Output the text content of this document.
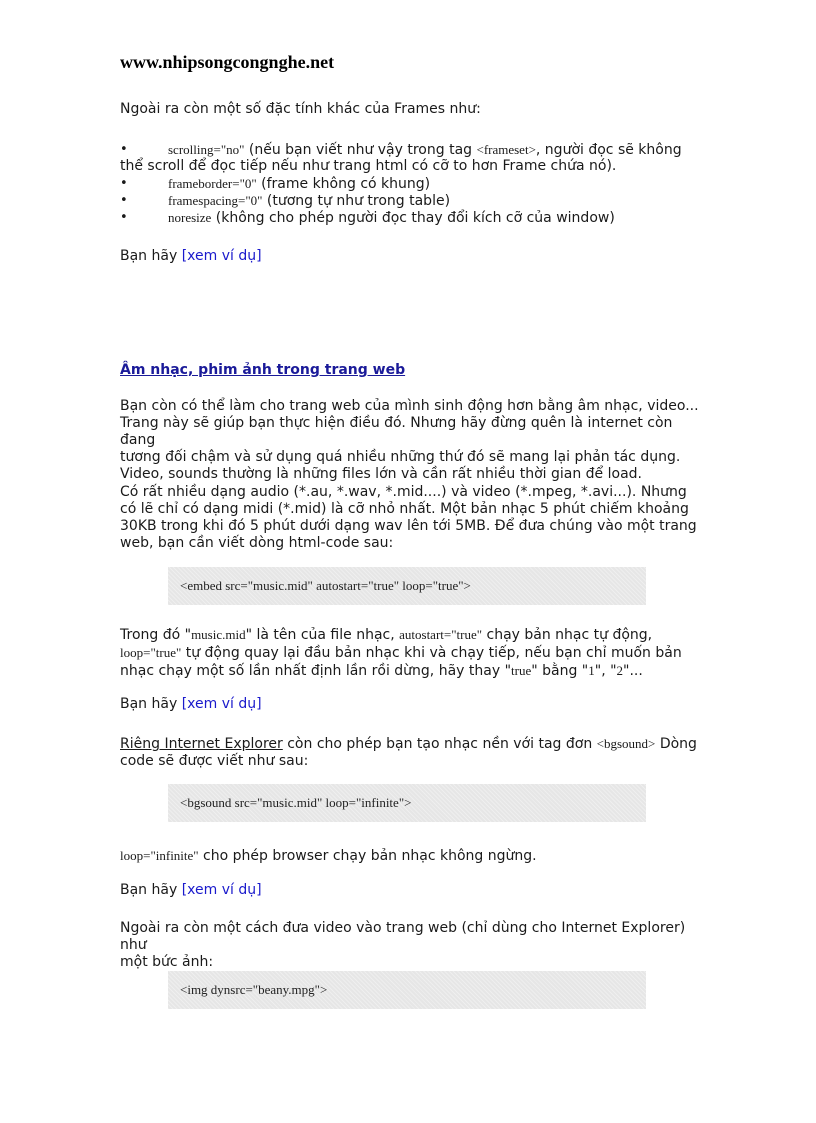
www.nhipsongcongnghe.net

Ngoài ra còn một số đặc tính khác của Frames như:

•	scrolling="no" (nếu bạn viết như vậy trong tag <frameset>, người đọc sẽ không

thể scroll để đọc tiếp nếu như trang html có cỡ to hơn Frame chứa nó).

•	frameborder="0" (frame không có khung)
•	framespacing="0" (tương tự như trong table)
•	noresize (không cho phép người đọc thay đổi kích cỡ của window)

Bạn hãy [xem ví dụ]

Âm nhạc, phim ảnh trong trang web

Bạn còn có thể làm cho trang web của mình sinh động hơn bằng âm nhạc, video...
Trang này sẽ giúp bạn thực hiện điều đó. Nhưng hãy đừng quên là internet còn đang
tương đối chậm và sử dụng quá nhiều những thứ đó sẽ mang lại phản tác dụng.
Video, sounds thường là những files lớn và cần rất nhiều thời gian để load.

Có rất nhiều dạng audio (*.au, *.wav, *.mid....) và video (*.mpeg, *.avi...). Nhưng
có lẽ chỉ có dạng midi (*.mid) là cỡ nhỏ nhất. Một bản nhạc 5 phút chiếm khoảng
30KB trong khi đó 5 phút dưới dạng wav lên tới 5MB. Để đưa chúng vào một trang
web, bạn cần viết dòng html-code sau:

<embed src="music.mid" autostart="true" loop="true">

Trong đó "music.mid" là tên của file nhạc, autostart="true" chạy bản nhạc tự động,
loop="true" tự động quay lại đầu bản nhạc khi và chạy tiếp, nếu bạn chỉ muốn bản
nhạc chạy một số lần nhất định lần rồi dừng, hãy thay "true" bằng "1", "2"...

Bạn hãy [xem ví dụ]

Riêng Internet Explorer còn cho phép bạn tạo nhạc nền với tag đơn <bgsound> Dòng
code sẽ được viết như sau:

<bgsound src="music.mid" loop="infinite">

loop="infinite" cho phép browser chạy bản nhạc không ngừng.

Bạn hãy [xem ví dụ]

Ngoài ra còn một cách đưa video vào trang web (chỉ dùng cho Internet Explorer) như
một bức ảnh:

<img dynsrc="beany.mpg">
